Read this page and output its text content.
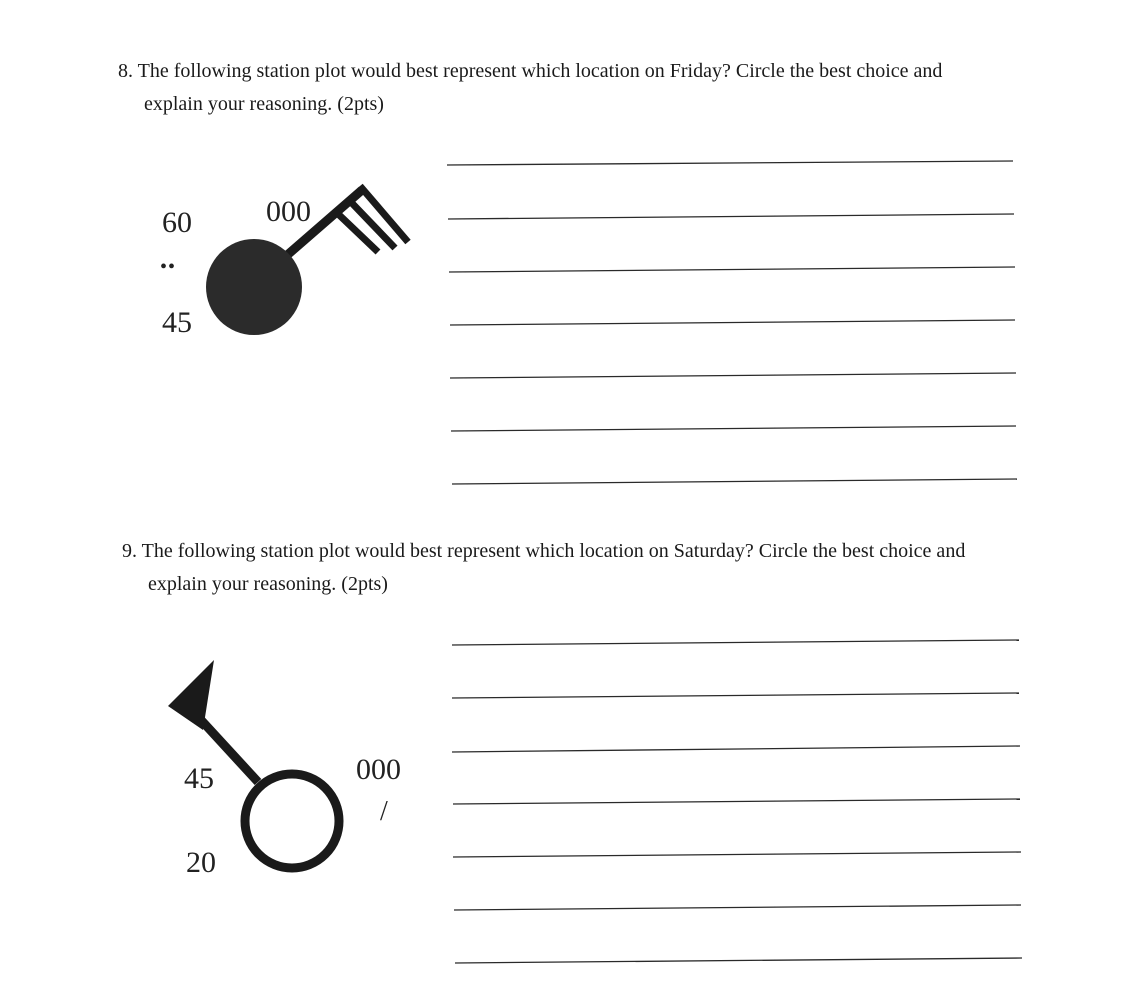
8. The following station plot would best represent which location on Friday? Circle the best choice and
explain your reasoning. (2pts)
60
••
45
000
9. The following station plot would best represent which location on Saturday? Circle the best choice and
explain your reasoning. (2pts)
45
20
000
/
